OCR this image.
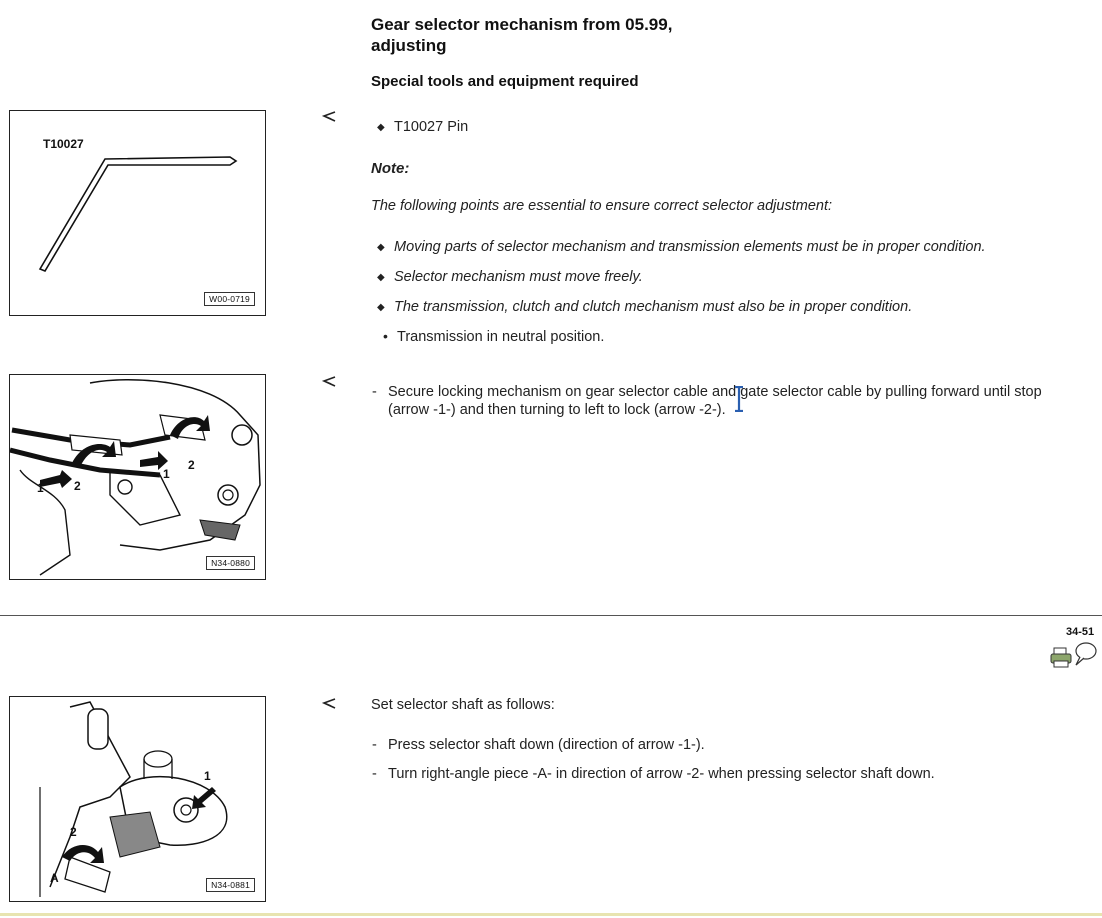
Gear selector mechanism from 05.99,
adjusting
Special tools and equipment required
T10027
W00-0719
◆ T10027 Pin
Note:
The following points are essential to ensure correct selector adjustment:
◆ Moving parts of selector mechanism and transmission elements must be in proper condition.
◆ Selector mechanism must move freely.
◆ The transmission, clutch and clutch mechanism must also be in proper condition.
• Transmission in neutral position.
1	2
1
2
N34-0880
- Secure locking mechanism on gear selector cable and gate selector cable by pulling forward until stop (arrow -1-) and then turning to left to lock (arrow -2-).
34-51
1
2
A	N34-0881
Set selector shaft as follows:
- Press selector shaft down (direction of arrow -1-).
- Turn right-angle piece -A- in direction of arrow -2- when pressing selector shaft down.
